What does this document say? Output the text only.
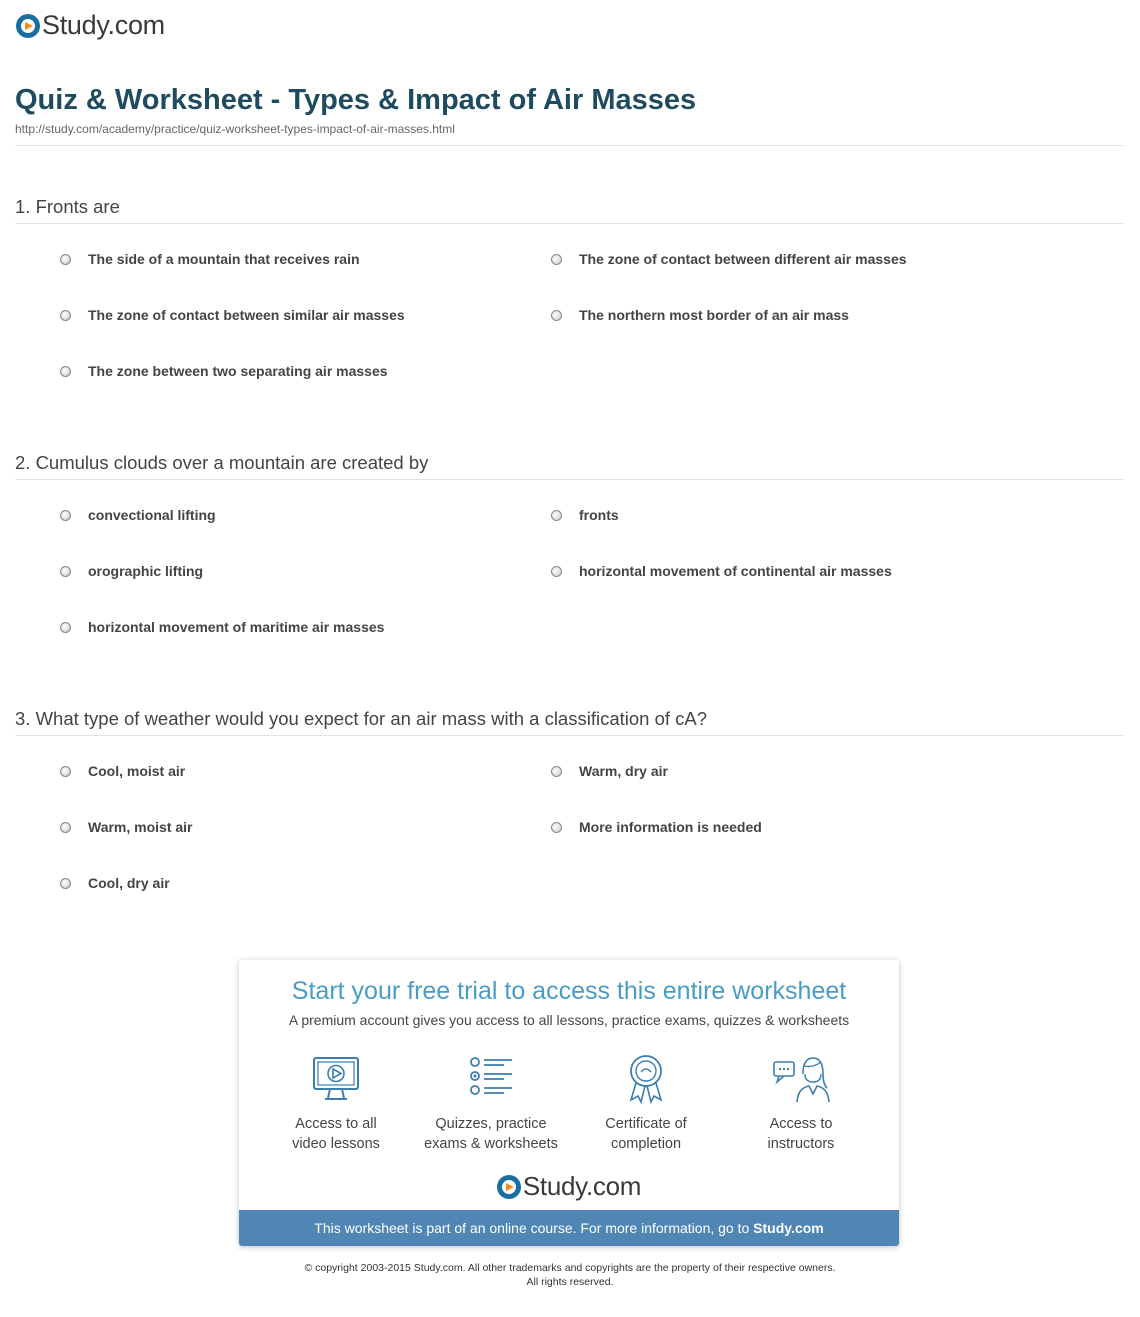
Study.com
Quiz & Worksheet - Types & Impact of Air Masses
http://study.com/academy/practice/quiz-worksheet-types-impact-of-air-masses.html
1. Fronts are
The side of a mountain that receives rain	The zone of contact between different air masses
The zone of contact between similar air masses	The northern most border of an air mass
The zone between two separating air masses
2. Cumulus clouds over a mountain are created by
convectional lifting	fronts
orographic lifting	horizontal movement of continental air masses
horizontal movement of maritime air masses
3. What type of weather would you expect for an air mass with a classification of cA?
Cool, moist air	Warm, dry air
Warm, moist air	More information is needed
Cool, dry air
Start your free trial to access this entire worksheet
A premium account gives you access to all lessons, practice exams, quizzes & worksheets
Access to all
video lessons
Quizzes, practice
exams & worksheets
Certificate of
completion
Access to
instructors
Study.com
This worksheet is part of an online course. For more information, go to Study.com
© copyright 2003-2015 Study.com. All other trademarks and copyrights are the property of their respective owners.
All rights reserved.
